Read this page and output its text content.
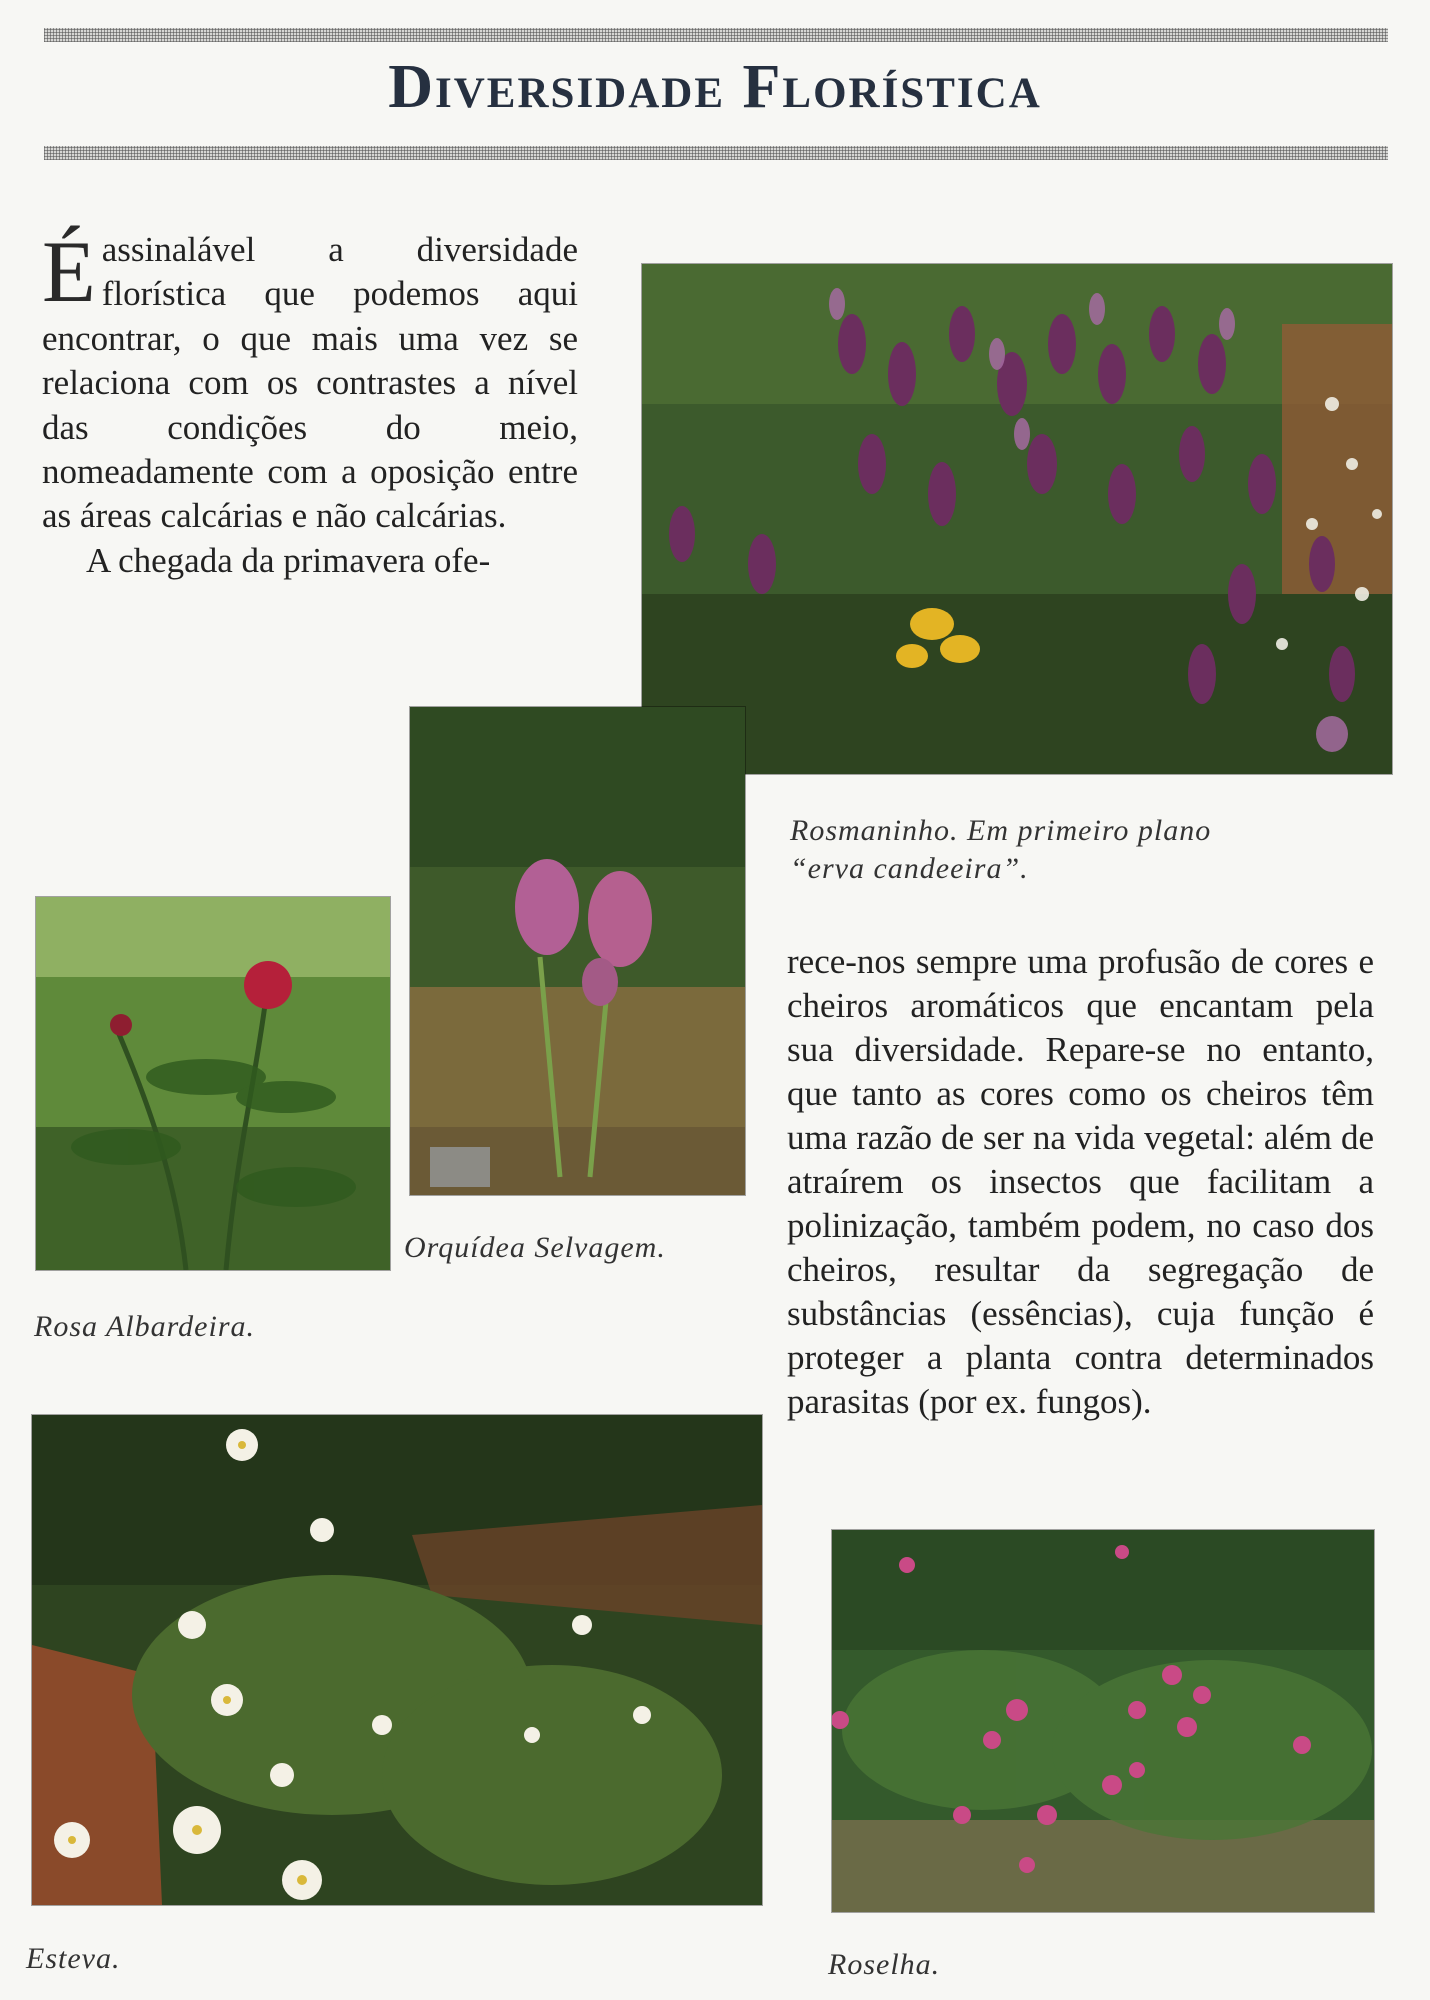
Diversidade Florística

Éassinalável a diversidade florística que podemos aqui encontrar, o que mais uma vez se relaciona com os contrastes a nível das condições do meio, nomeadamente com a oposição entre as áreas calcárias e não calcárias.

A chegada da primavera ofe-

rece-nos sempre uma profusão de cores e cheiros aromáticos que encantam pela sua diversidade. Repare-se no entanto, que tanto as cores como os cheiros têm uma razão de ser na vida vegetal: além de atraírem os insectos que facilitam a polinização, também podem, no caso dos cheiros, resultar da segregação de substâncias (essências), cuja função é proteger a planta contra determinados parasitas (por ex. fungos).

Rosmaninho. Em primeiro plano
“erva candeeira”.

Orquídea Selvagem.

Rosa Albardeira.

Esteva.	Roselha.
